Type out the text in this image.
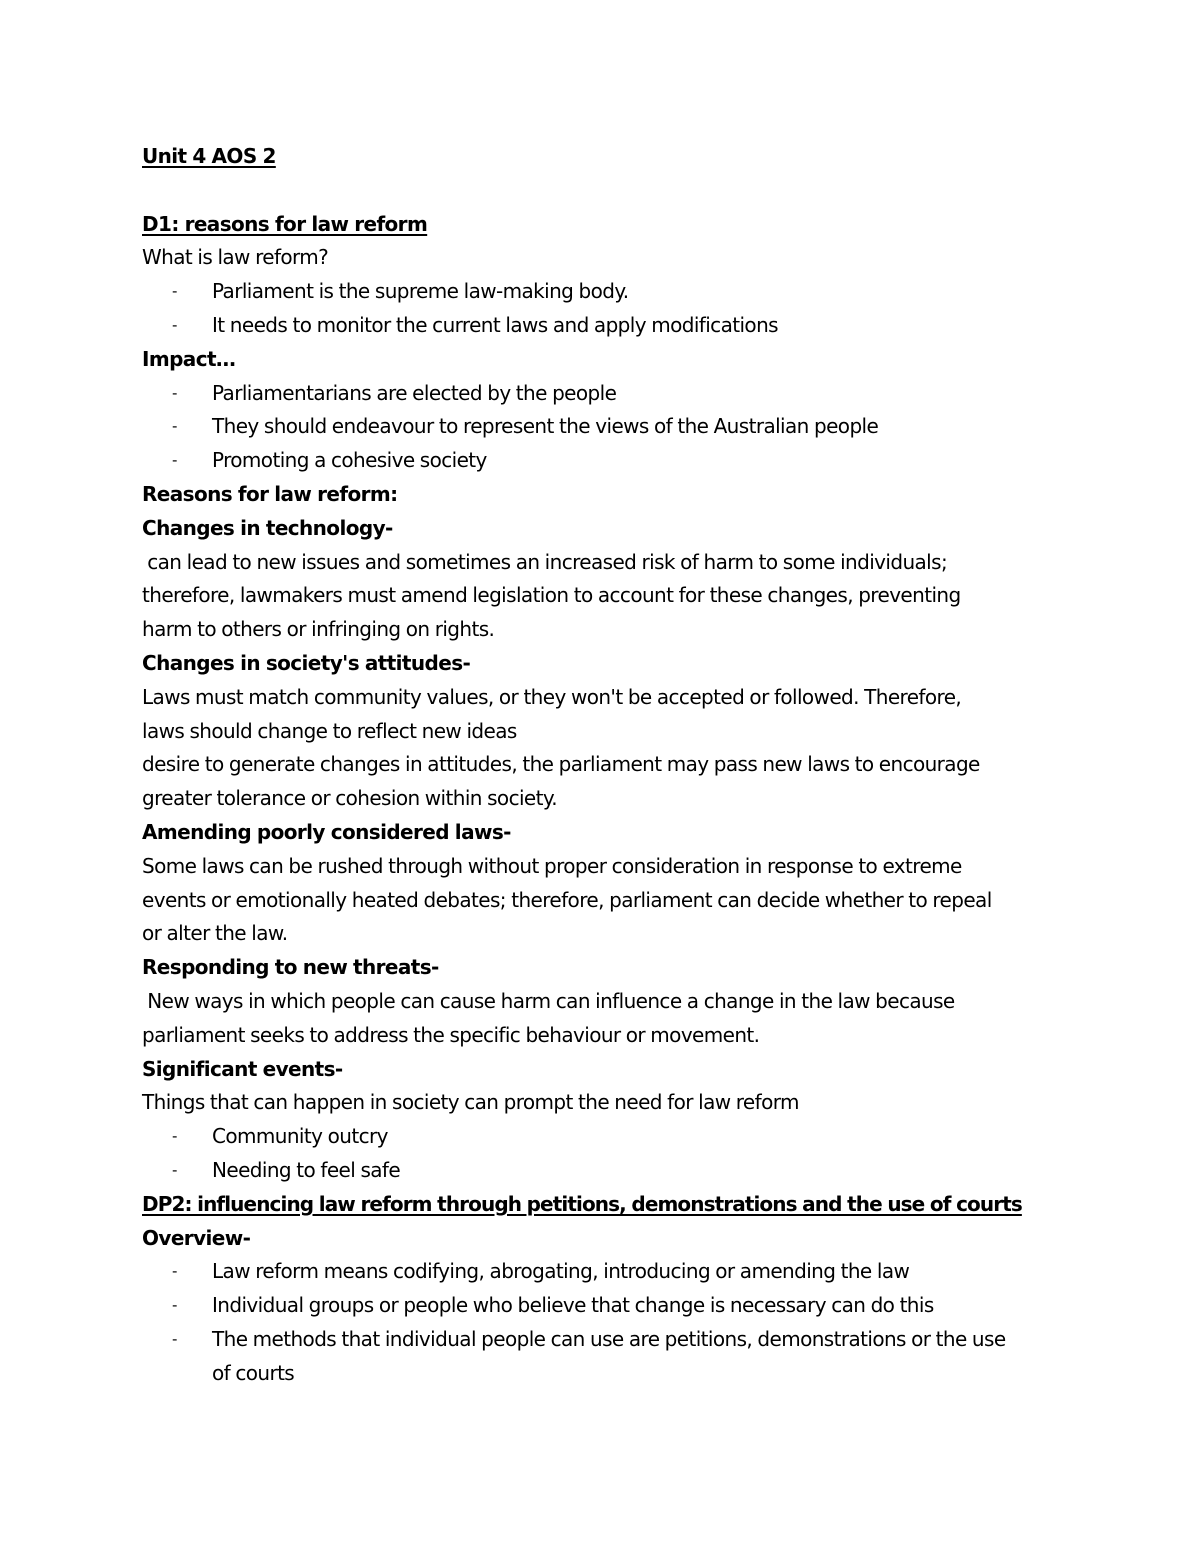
Unit 4 AOS 2
D1: reasons for law reform
What is law reform?
- Parliament is the supreme law-making body.
- It needs to monitor the current laws and apply modifications
Impact…
- Parliamentarians are elected by the people
- They should endeavour to represent the views of the Australian people
- Promoting a cohesive society
Reasons for law reform:
Changes in technology-
can lead to new issues and sometimes an increased risk of harm to some individuals;
therefore, lawmakers must amend legislation to account for these changes, preventing
harm to others or infringing on rights.
Changes in society's attitudes-
Laws must match community values, or they won't be accepted or followed. Therefore,
laws should change to reflect new ideas
desire to generate changes in attitudes, the parliament may pass new laws to encourage
greater tolerance or cohesion within society.
Amending poorly considered laws-
Some laws can be rushed through without proper consideration in response to extreme
events or emotionally heated debates; therefore, parliament can decide whether to repeal
or alter the law.
Responding to new threats-
New ways in which people can cause harm can influence a change in the law because
parliament seeks to address the specific behaviour or movement.
Significant events-
Things that can happen in society can prompt the need for law reform
- Community outcry
- Needing to feel safe
DP2: influencing law reform through petitions, demonstrations and the use of courts
Overview-
- Law reform means codifying, abrogating, introducing or amending the law
- Individual groups or people who believe that change is necessary can do this
- The methods that individual people can use are petitions, demonstrations or the use of courts
